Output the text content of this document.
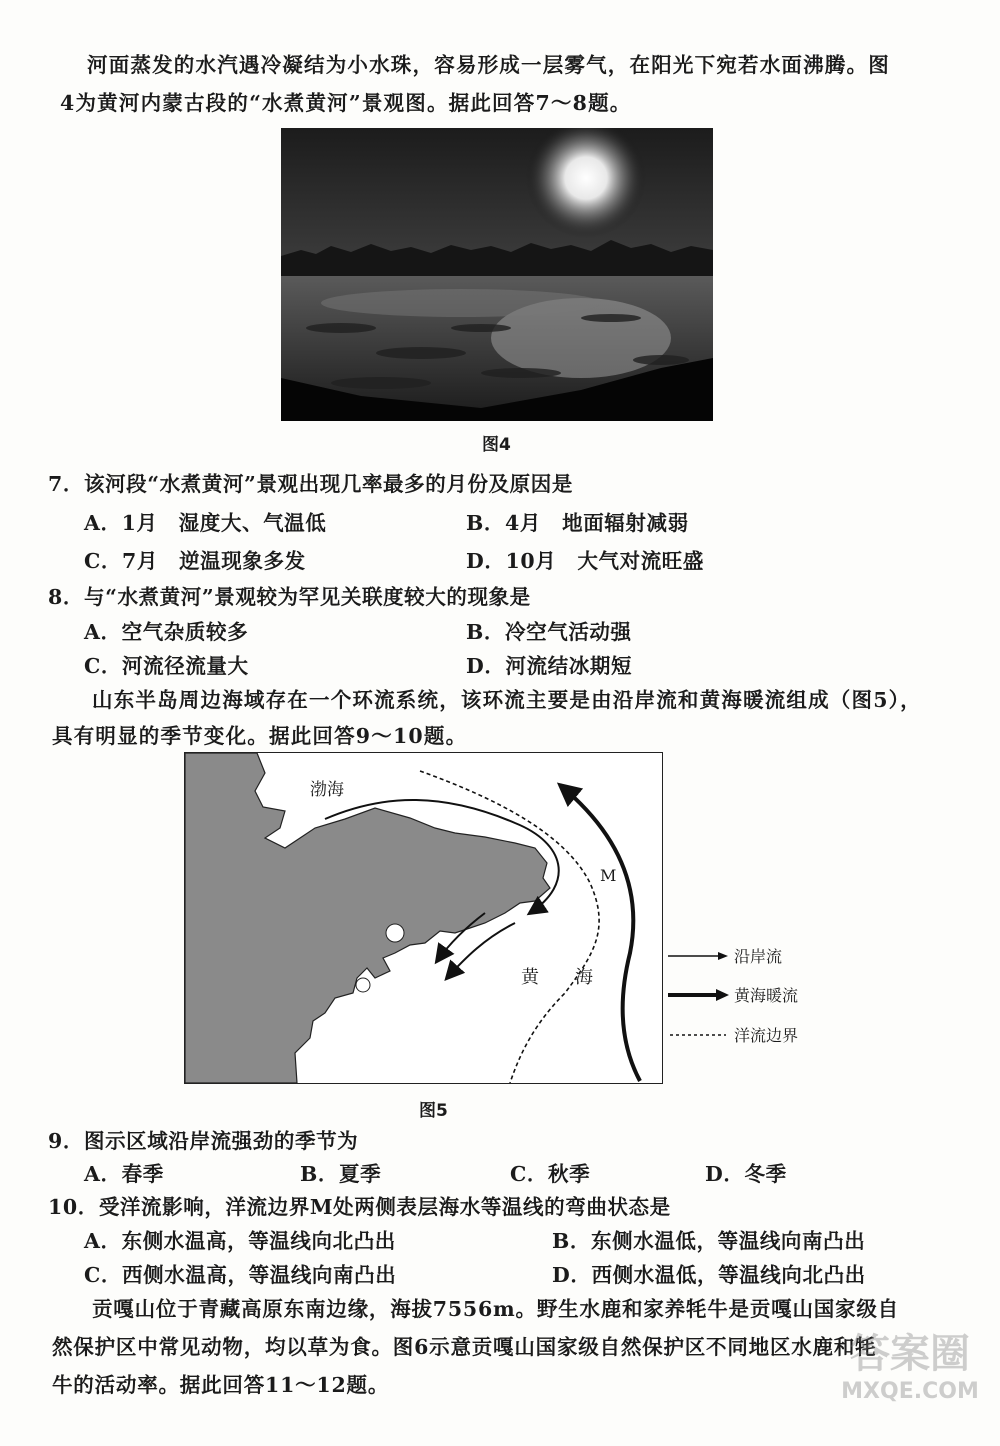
河面蒸发的水汽遇冷凝结为小水珠，容易形成一层雾气，在阳光下宛若水面沸腾。图
4为黄河内蒙古段的“水煮黄河”景观图。据此回答7～8题。
图4
7．该河段“水煮黄河”景观出现几率最多的月份及原因是
A．1月　湿度大、气温低	B．4月　地面辐射减弱
C．7月　逆温现象多发	D．10月　大气对流旺盛
8．与“水煮黄河”景观较为罕见关联度较大的现象是
A．空气杂质较多	B．冷空气活动强
C．河流径流量大	D．河流结冰期短
山东半岛周边海域存在一个环流系统，该环流主要是由沿岸流和黄海暖流组成（图5），
具有明显的季节变化。据此回答9～10题。
渤海
M
黄 海
沿岸流
黄海暖流
洋流边界
图5
9．图示区域沿岸流强劲的季节为
A．春季	B．夏季	C．秋季	D．冬季
10．受洋流影响，洋流边界M处两侧表层海水等温线的弯曲状态是
A．东侧水温高，等温线向北凸出	B．东侧水温低，等温线向南凸出
C．西侧水温高，等温线向南凸出	D．西侧水温低，等温线向北凸出
贡嘎山位于青藏高原东南边缘，海拔7556m。野生水鹿和家养牦牛是贡嘎山国家级自
然保护区中常见动物，均以草为食。图6示意贡嘎山国家级自然保护区不同地区水鹿和牦
牛的活动率。据此回答11～12题。
答案圈
MXQE.COM
